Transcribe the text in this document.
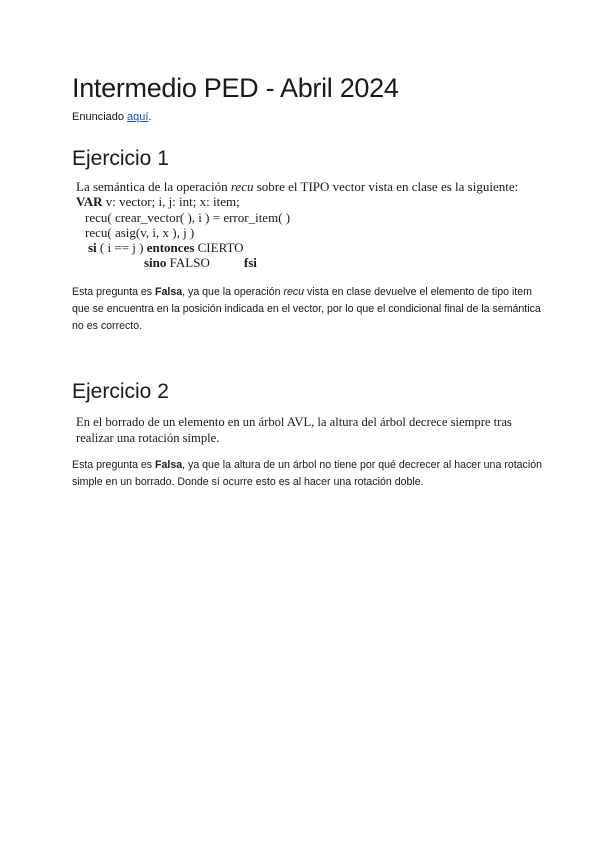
Intermedio PED - Abril 2024

Enunciado aquí.

Ejercicio 1
La semántica de la operación recu sobre el TIPO vector vista en clase es la siguiente:
VAR v: vector; i, j: int; x: item;
recu( crear_vector( ), i ) = error_item( )
recu( asig(v, i, x ), j )
si ( i == j ) entonces CIERTO
sino FALSO	fsi

Esta pregunta es Falsa, ya que la operación recu vista en clase devuelve el elemento de tipo item que se encuentra en la posición indicada en el vector, por lo que el condicional final de la semántica no es correcto.

Ejercicio 2
En el borrado de un elemento en un árbol AVL, la altura del árbol decrece siempre tras realizar una rotación simple.

Esta pregunta es Falsa, ya que la altura de un árbol no tiene por qué decrecer al hacer una rotación simple en un borrado. Donde sí ocurre esto es al hacer una rotación doble.
